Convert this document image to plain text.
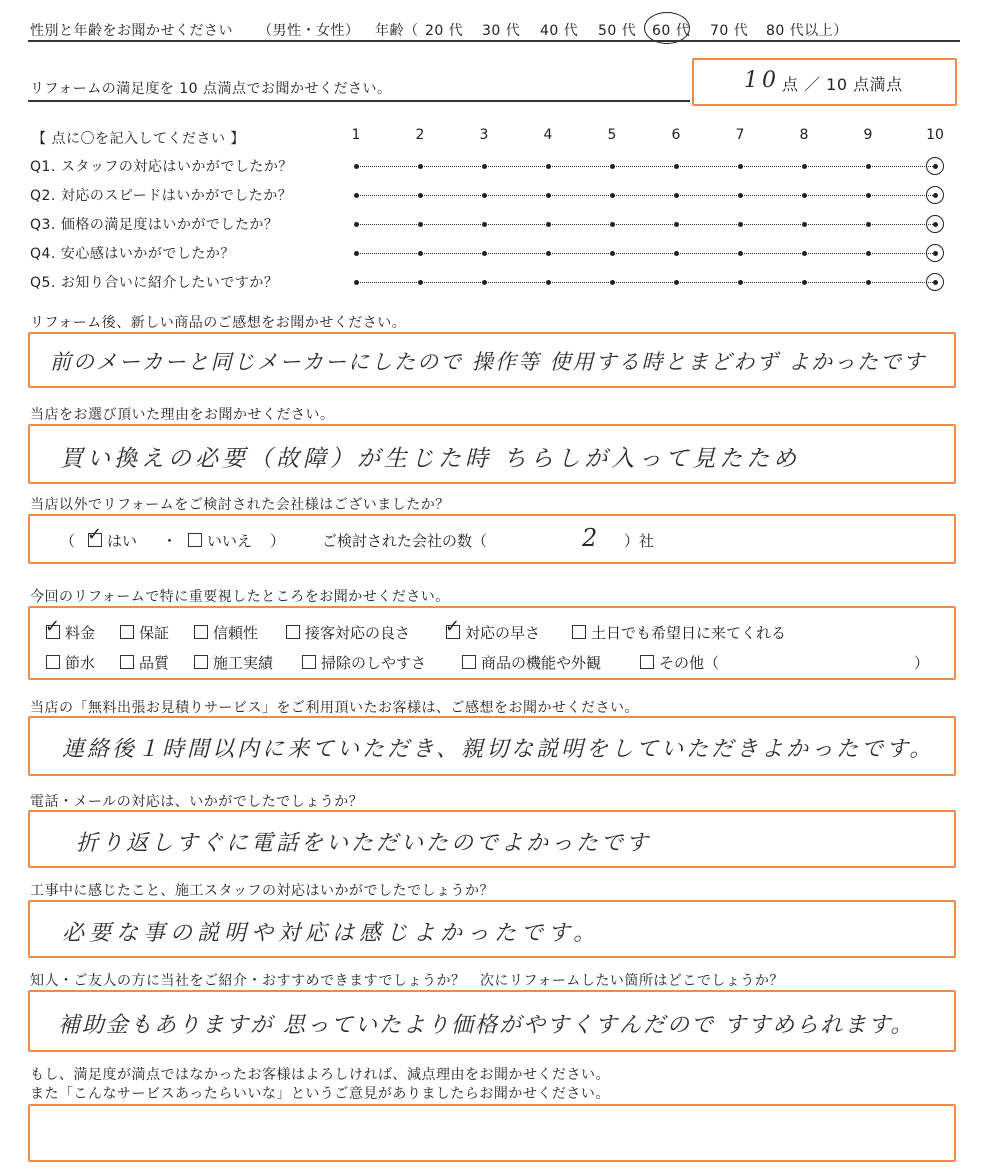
性別と年齢をお聞かせください （男性・女性） 年齢（ 20 代 30 代 40 代 50 代 60 代 70 代 80 代以上）
リフォームの満足度を 10 点満点でお聞かせください。	10 点 ／ 10 点満点
【 点に〇を記入してください 】	1	2	3	4	5	6	7	8	9	10
Q1. スタッフの対応はいかがでしたか？
Q2. 対応のスピードはいかがでしたか？
Q3. 価格の満足度はいかがでしたか？
Q4. 安心感はいかがでしたか？
Q5. お知り合いに紹介したいですか？
リフォーム後、新しい商品のご感想をお聞かせください。
前のメーカーと同じメーカーにしたので 操作等 使用する時とまどわず よかったです
当店をお選び頂いた理由をお聞かせください。
買い換えの必要（故障）が生じた時 ちらしが入って見たため
当店以外でリフォームをご検討された会社様はございましたか？
（ ✓ はい ・	いいえ ） ご検討された会社の数（	2 ）社
今回のリフォームで特に重要視したところをお聞かせください。
✓ 料金	保証	信頼性	接客対応の良さ ✓ 対応の早さ	土日でも希望日に来てくれる
節水	品質	施工実績	掃除のしやすさ	商品の機能や外観	その他（	）
当店の「無料出張お見積りサービス」をご利用頂いたお客様は、ご感想をお聞かせください。
連絡後１時間以内に来ていただき、親切な説明をしていただきよかったです。
電話・メールの対応は、いかがでしたでしょうか？
折り返しすぐに電話をいただいたのでよかったです
工事中に感じたこと、施工スタッフの対応はいかがでしたでしょうか？
必要な事の説明や対応は感じよかったです。
知人・ご友人の方に当社をご紹介・おすすめできますでしょうか？　次にリフォームしたい箇所はどこでしょうか？
補助金もありますが 思っていたより価格がやすくすんだので すすめられます。
もし、満足度が満点ではなかったお客様はよろしければ、減点理由をお聞かせください。
また「こんなサービスあったらいいな」というご意見がありましたらお聞かせください。
